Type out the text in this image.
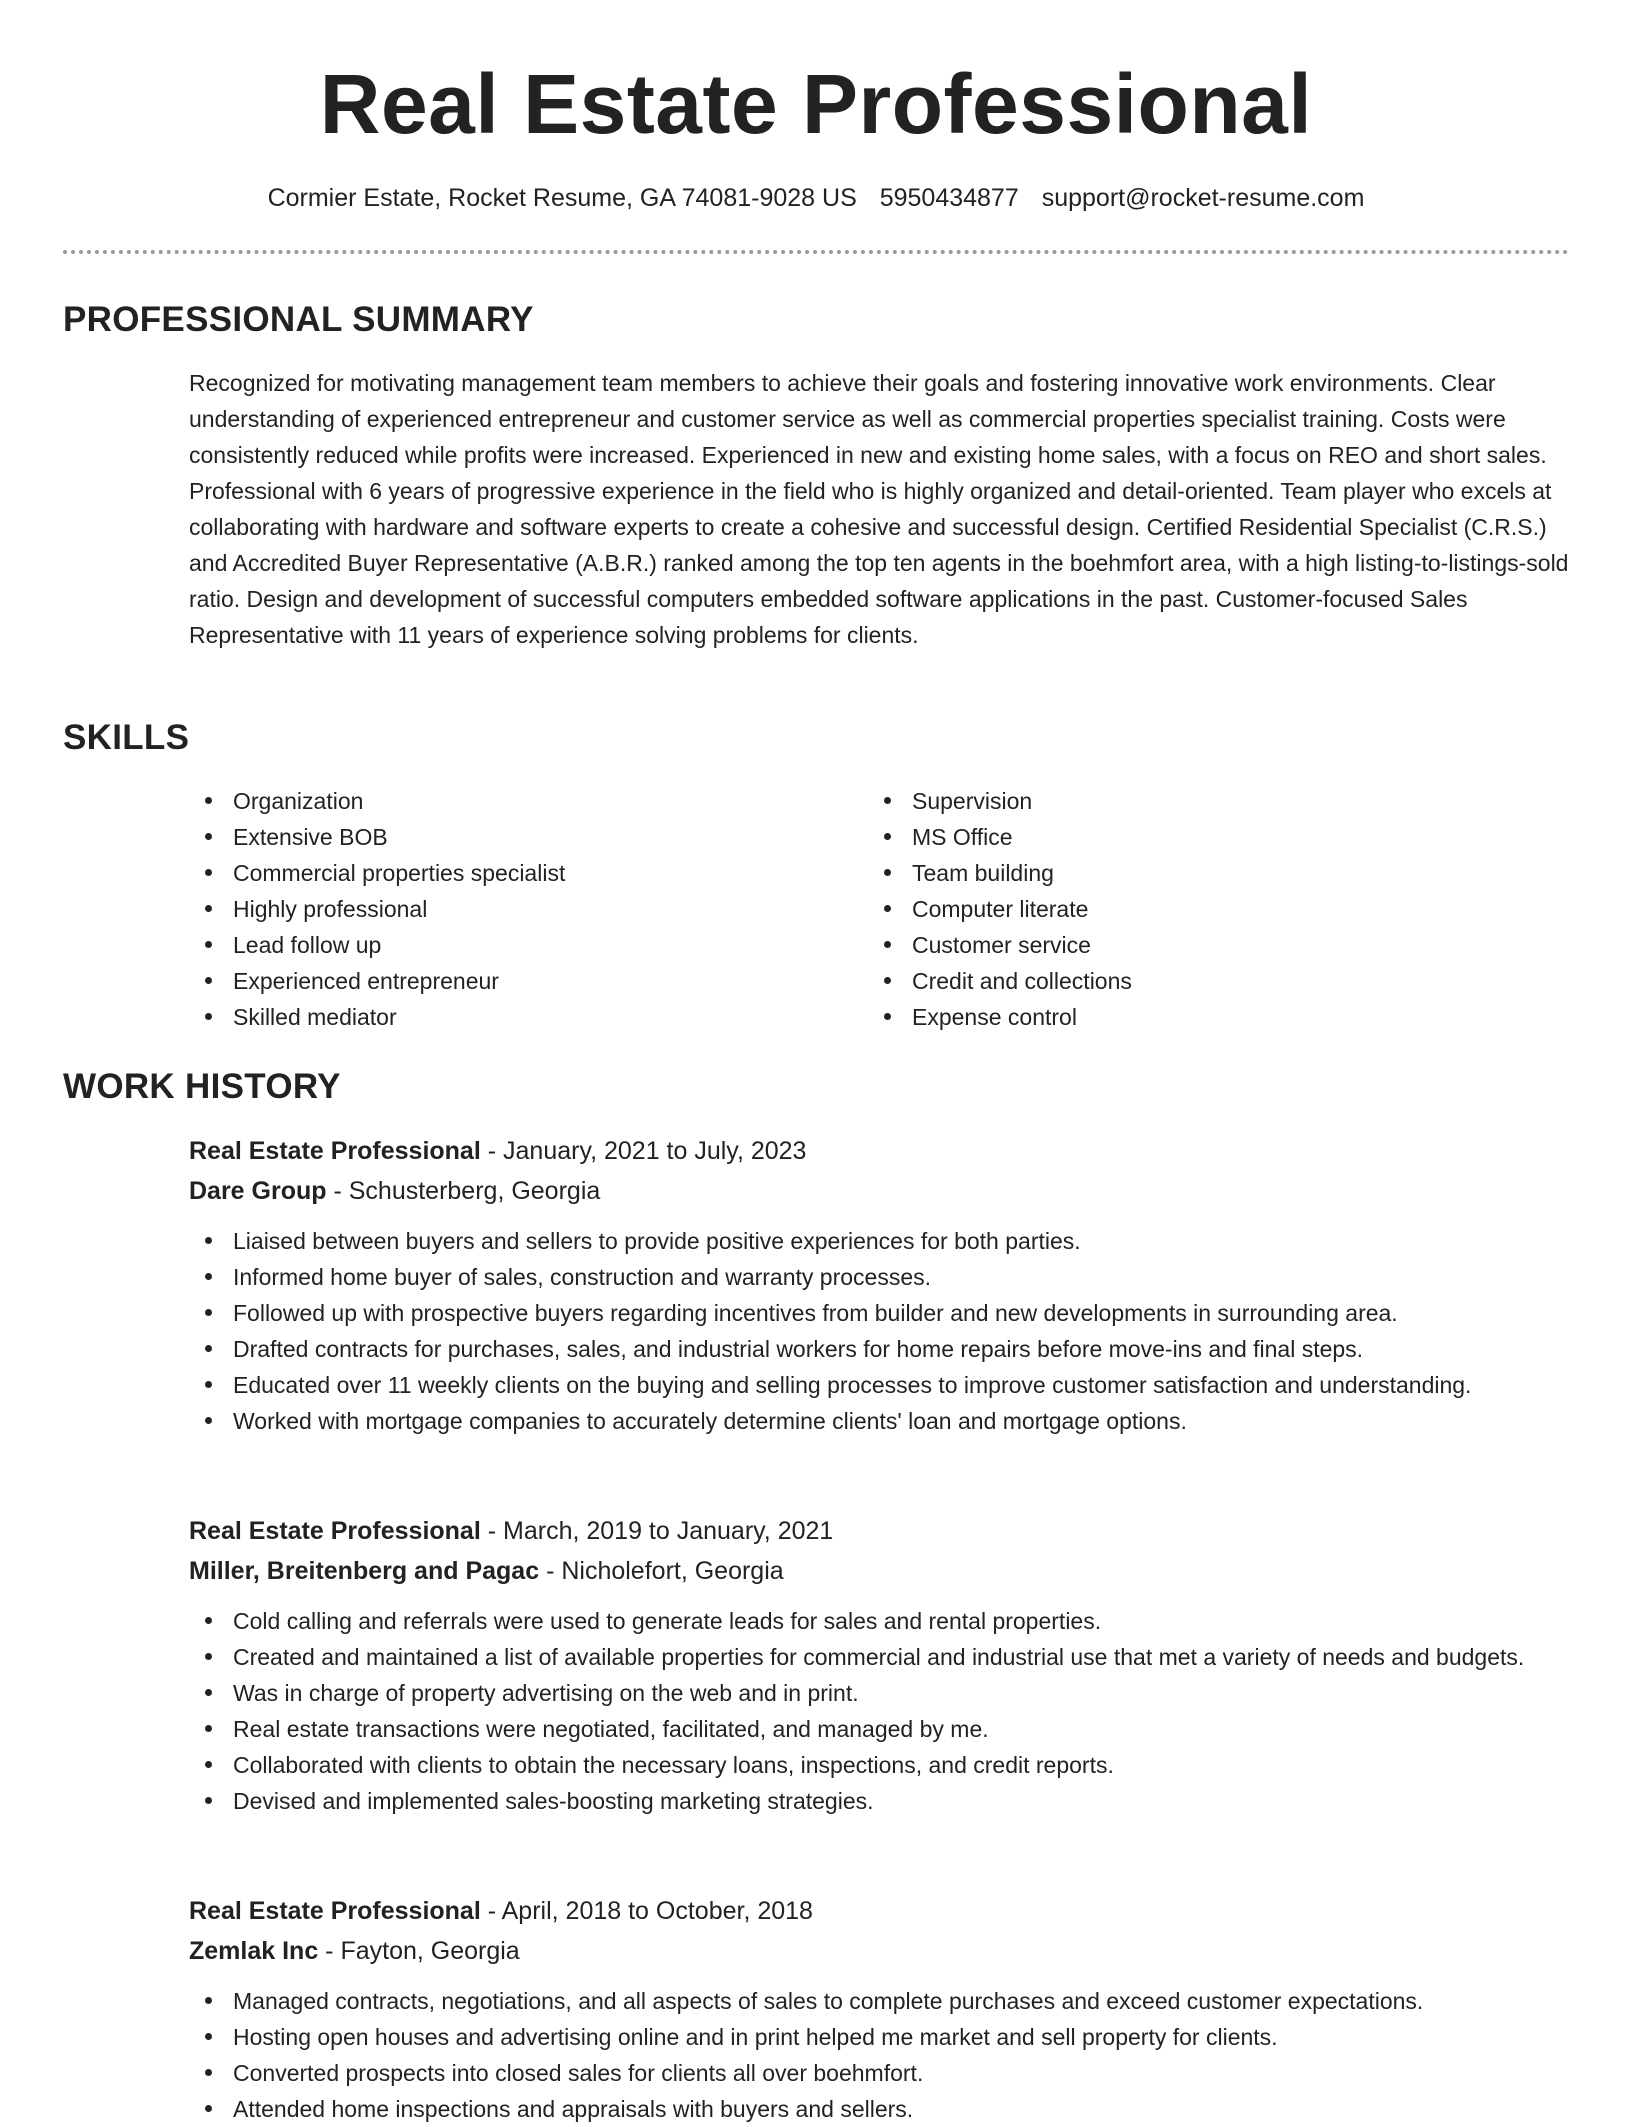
Real Estate Professional
Cormier Estate, Rocket Resume, GA 74081-9028 US 5950434877 support@rocket-resume.com
PROFESSIONAL SUMMARY

Recognized for motivating management team members to achieve their goals and fostering innovative work environments. Clear understanding of experienced entrepreneur and customer service as well as commercial properties specialist training. Costs were consistently reduced while profits were increased. Experienced in new and existing home sales, with a focus on REO and short sales. Professional with 6 years of progressive experience in the field who is highly organized and detail-oriented. Team player who excels at collaborating with hardware and software experts to create a cohesive and successful design. Certified Residential Specialist (C.R.S.) and Accredited Buyer Representative (A.B.R.) ranked among the top ten agents in the boehmfort area, with a high listing-to-listings-sold ratio. Design and development of successful computers embedded software applications in the past. Customer-focused Sales Representative with 11 years of experience solving problems for clients.

SKILLS
Organization
Extensive BOB
Commercial properties specialist
Highly professional
Lead follow up
Experienced entrepreneur
Skilled mediator
Supervision
MS Office
Team building
Computer literate
Customer service
Credit and collections
Expense control
WORK HISTORY
Real Estate Professional - January, 2021 to July, 2023
Dare Group - Schusterberg, Georgia
Liaised between buyers and sellers to provide positive experiences for both parties.
Informed home buyer of sales, construction and warranty processes.
Followed up with prospective buyers regarding incentives from builder and new developments in surrounding area.
Drafted contracts for purchases, sales, and industrial workers for home repairs before move-ins and final steps.
Educated over 11 weekly clients on the buying and selling processes to improve customer satisfaction and understanding.
Worked with mortgage companies to accurately determine clients' loan and mortgage options.
Real Estate Professional - March, 2019 to January, 2021
Miller, Breitenberg and Pagac - Nicholefort, Georgia
Cold calling and referrals were used to generate leads for sales and rental properties.
Created and maintained a list of available properties for commercial and industrial use that met a variety of needs and budgets.
Was in charge of property advertising on the web and in print.
Real estate transactions were negotiated, facilitated, and managed by me.
Collaborated with clients to obtain the necessary loans, inspections, and credit reports.
Devised and implemented sales-boosting marketing strategies.
Real Estate Professional - April, 2018 to October, 2018
Zemlak Inc - Fayton, Georgia
Managed contracts, negotiations, and all aspects of sales to complete purchases and exceed customer expectations.
Hosting open houses and advertising online and in print helped me market and sell property for clients.
Converted prospects into closed sales for clients all over boehmfort.
Attended home inspections and appraisals with buyers and sellers.
